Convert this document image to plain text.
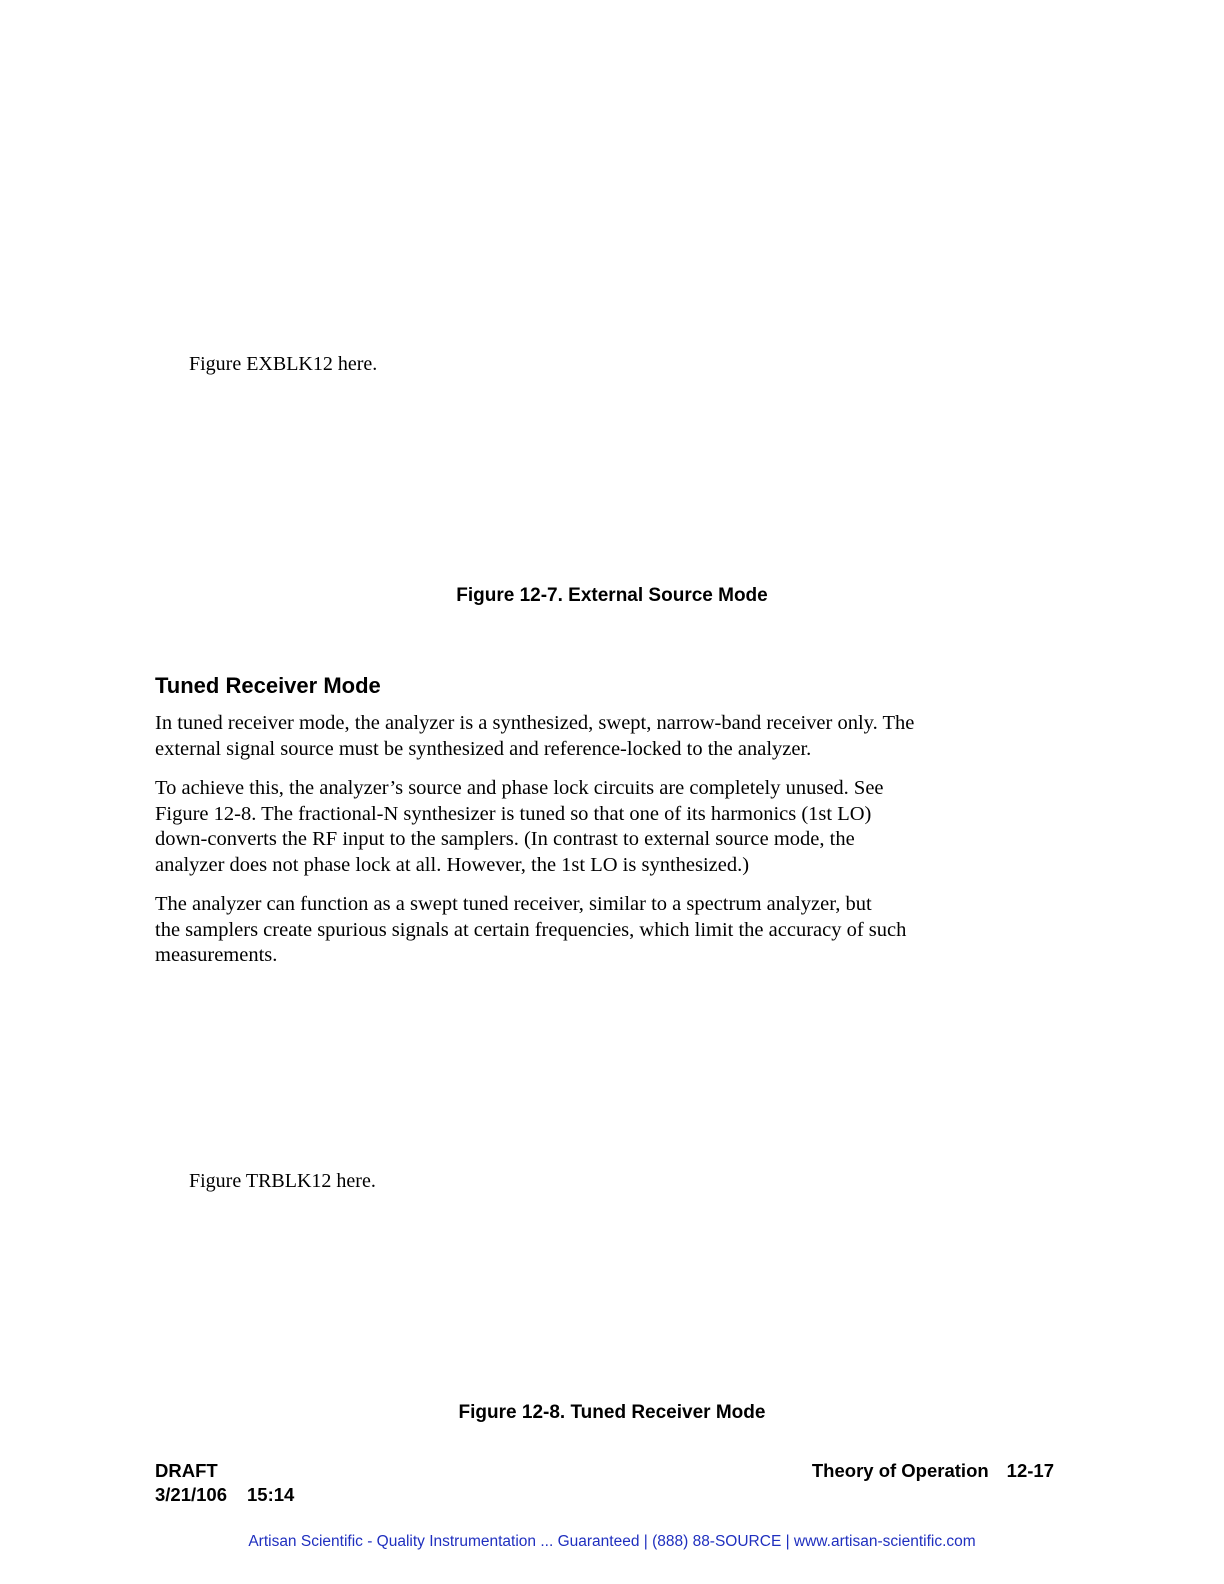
Figure EXBLK12 here.

Figure 12-7. External Source Mode

Tuned Receiver Mode

In tuned receiver mode, the analyzer is a synthesized, swept, narrow-band receiver only. The
external signal source must be synthesized and reference-locked to the analyzer.

To achieve this, the analyzer’s source and phase lock circuits are completely unused. See
Figure 12-8. The fractional-N synthesizer is tuned so that one of its harmonics (1st LO)
down-converts the RF input to the samplers. (In contrast to external source mode, the
analyzer does not phase lock at all. However, the 1st LO is synthesized.)

The analyzer can function as a swept tuned receiver, similar to a spectrum analyzer, but
the samplers create spurious signals at certain frequencies, which limit the accuracy of such
measurements.

Figure TRBLK12 here.

Figure 12-8. Tuned Receiver Mode

DRAFT
3/21/106 15:14
Theory of Operation 12-17
Artisan Scientific - Quality Instrumentation ... Guaranteed | (888) 88-SOURCE | www.artisan-scientific.com
